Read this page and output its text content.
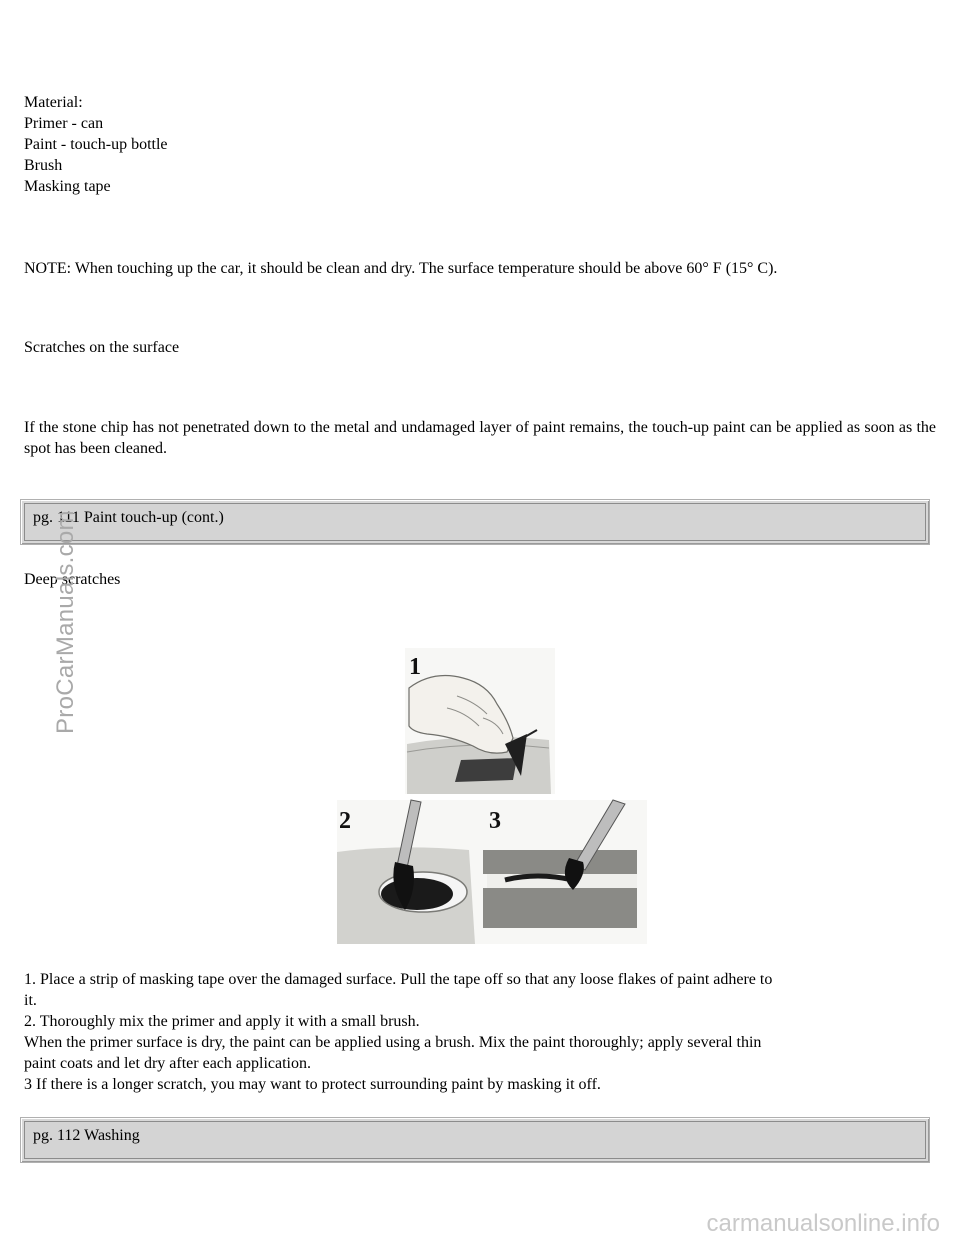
Material:
Primer - can
Paint - touch-up bottle
Brush
Masking tape
NOTE: When touching up the car, it should be clean and dry. The surface temperature should be above 60° F (15° C).
Scratches on the surface
If the stone chip has not penetrated down to the metal and undamaged layer of paint remains, the touch-up paint can be applied as soon as the spot has been cleaned.
pg. 111 Paint touch-up (cont.)
Deep scratches
1
2	3
1. Place a strip of masking tape over the damaged surface. Pull the tape off so that any loose flakes of paint adhere to
it.
2. Thoroughly mix the primer and apply it with a small brush.
When the primer surface is dry, the paint can be applied using a brush. Mix the paint thoroughly; apply several thin
paint coats and let dry after each application.
3 If there is a longer scratch, you may want to protect surrounding paint by masking it off.
pg. 112 Washing
ProCarManuals.com
carmanualsonline.info
